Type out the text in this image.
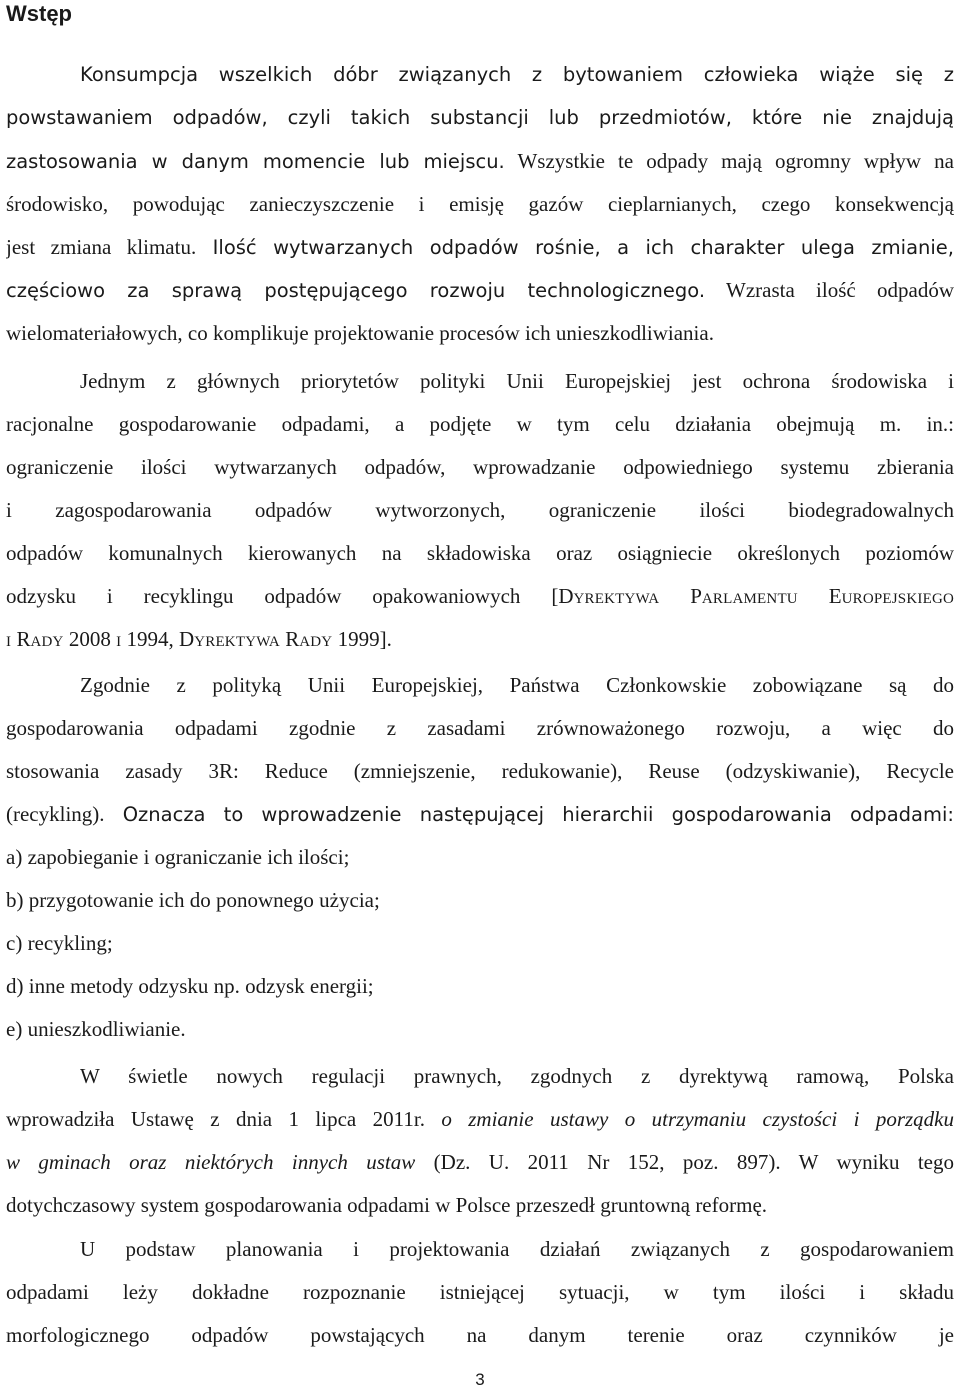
Wstęp
Konsumpcja wszelkich dóbr związanych z bytowaniem człowieka wiąże się z
powstawaniem odpadów, czyli takich substancji lub przedmiotów, które nie znajdują
zastosowania w danym momencie lub miejscu. Wszystkie te odpady mają ogromny wpływ na
środowisko, powodując zanieczyszczenie i emisję gazów cieplarnianych, czego konsekwencją
jest zmiana klimatu. Ilość wytwarzanych odpadów rośnie, a ich charakter ulega zmianie,
częściowo za sprawą postępującego rozwoju technologicznego. Wzrasta ilość odpadów
wielomateriałowych, co komplikuje projektowanie procesów ich unieszkodliwiania.
Jednym z głównych priorytetów polityki Unii Europejskiej jest ochrona środowiska i
racjonalne gospodarowanie odpadami, a podjęte w tym celu działania obejmują m. in.:
ograniczenie ilości wytwarzanych odpadów, wprowadzanie odpowiedniego systemu zbierania
i zagospodarowania odpadów wytworzonych, ograniczenie ilości biodegradowalnych
odpadów komunalnych kierowanych na składowiska oraz osiągniecie określonych poziomów
odzysku i recyklingu odpadów opakowaniowych [DYREKTYWA PARLAMENTU EUROPEJSKIEGO
I RADY 2008 I 1994, DYREKTYWA RADY 1999].
Zgodnie z polityką Unii Europejskiej, Państwa Członkowskie zobowiązane są do
gospodarowania odpadami zgodnie z zasadami zrównoważonego rozwoju, a więc do
stosowania zasady 3R: Reduce (zmniejszenie, redukowanie), Reuse (odzyskiwanie), Recycle
(recykling). Oznacza to wprowadzenie następującej hierarchii gospodarowania odpadami:
a) zapobieganie i ograniczanie ich ilości;
b) przygotowanie ich do ponownego użycia;
c) recykling;
d) inne metody odzysku np. odzysk energii;
e) unieszkodliwianie.
W świetle nowych regulacji prawnych, zgodnych z dyrektywą ramową, Polska
wprowadziła Ustawę z dnia 1 lipca 2011r. o zmianie ustawy o utrzymaniu czystości i porządku
w gminach oraz niektórych innych ustaw (Dz. U. 2011 Nr 152, poz. 897). W wyniku tego
dotychczasowy system gospodarowania odpadami w Polsce przeszedł gruntowną reformę.
U podstaw planowania i projektowania działań związanych z gospodarowaniem
odpadami leży dokładne rozpoznanie istniejącej sytuacji, w tym ilości i składu
morfologicznego odpadów powstających na danym terenie oraz czynników je
3
